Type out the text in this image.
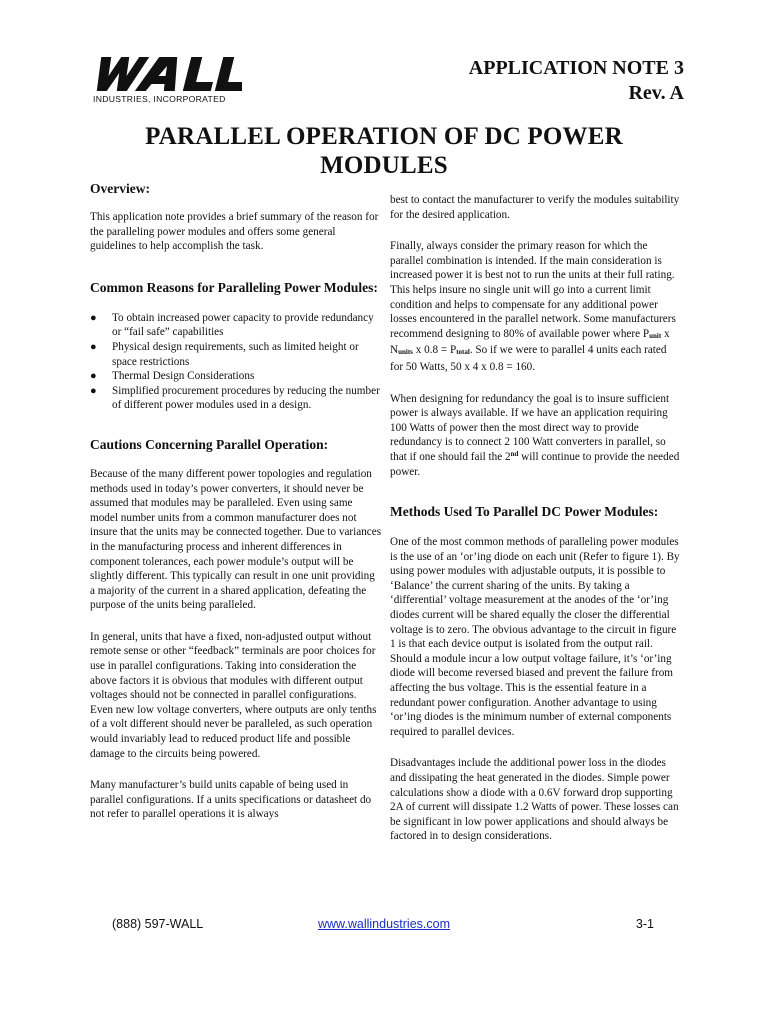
INDUSTRIES, INCORPORATED
APPLICATION NOTE 3
Rev. A
PARALLEL OPERATION OF DC POWER
MODULES
Overview:

This application note provides a brief summary of the reason for the paralleling power modules and offers some general guidelines to help accomplish the task.

Common Reasons for Paralleling Power Modules:
● To obtain increased power capacity to provide redundancy or “fail safe” capabilities
● Physical design requirements, such as limited height or space restrictions
● Thermal Design Considerations
● Simplified procurement procedures by reducing the number of different power modules used in a design.
Cautions Concerning Parallel Operation:

Because of the many different power topologies and regulation methods used in today’s power converters, it should never be assumed that modules may be paralleled. Even using same model number units from a common manufacturer does not insure that the units may be connected together. Due to variances in the manufacturing process and inherent differences in component tolerances, each power module’s output will be slightly different. This typically can result in one unit providing a majority of the current in a shared application, defeating the purpose of the units being paralleled.

In general, units that have a fixed, non-adjusted output without remote sense or other “feedback” terminals are poor choices for use in parallel configurations. Taking into consideration the above factors it is obvious that modules with different output voltages should not be connected in parallel configurations. Even new low voltage converters, where outputs are only tenths of a volt different should never be paralleled, as such operation would invariably lead to reduced product life and possible damage to the circuits being powered.

Many manufacturer’s build units capable of being used in parallel configurations. If a units specifications or datasheet do not refer to parallel operations it is always

best to contact the manufacturer to verify the modules suitability for the desired application.

Finally, always consider the primary reason for which the parallel combination is intended. If the main consideration is increased power it is best not to run the units at their full rating. This helps insure no single unit will go into a current limit condition and helps to compensate for any additional power losses encountered in the parallel network. Some manufacturers recommend designing to 80% of available power where $P_{unit}$ x $N_{units}$ x $0.8 = P_{total}$. So if we were to parallel 4 units each rated for 50 Watts, 50 x 4 x 0.8 = 160.

When designing for redundancy the goal is to insure sufficient power is always available. If we have an application requiring 100 Watts of power then the most direct way to provide redundancy is to connect 2 100 Watt converters in parallel, so that if one should fail the 2nd will continue to provide the needed power.

Methods Used To Parallel DC Power Modules:

One of the most common methods of paralleling power modules is the use of an ‘or’ing diode on each unit (Refer to figure 1). By using power modules with adjustable outputs, it is possible to ‘Balance’ the current sharing of the units. By taking a ‘differential’ voltage measurement at the anodes of the ‘or’ing diodes current will be shared equally the closer the differential voltage is to zero. The obvious advantage to the circuit in figure 1 is that each device output is isolated from the output rail. Should a module incur a low output voltage failure, it’s ‘or’ing diode will become reversed biased and prevent the failure from affecting the bus voltage. This is the essential feature in a redundant power configuration. Another advantage to using ‘or’ing diodes is the minimum number of external components required to parallel devices.

Disadvantages include the additional power loss in the diodes and dissipating the heat generated in the diodes. Simple power calculations show a diode with a 0.6V forward drop supporting 2A of current will dissipate 1.2 Watts of power. These losses can be significant in low power applications and should always be factored in to design considerations.

(888) 597-WALL	www.wallindustries.com	3-1
